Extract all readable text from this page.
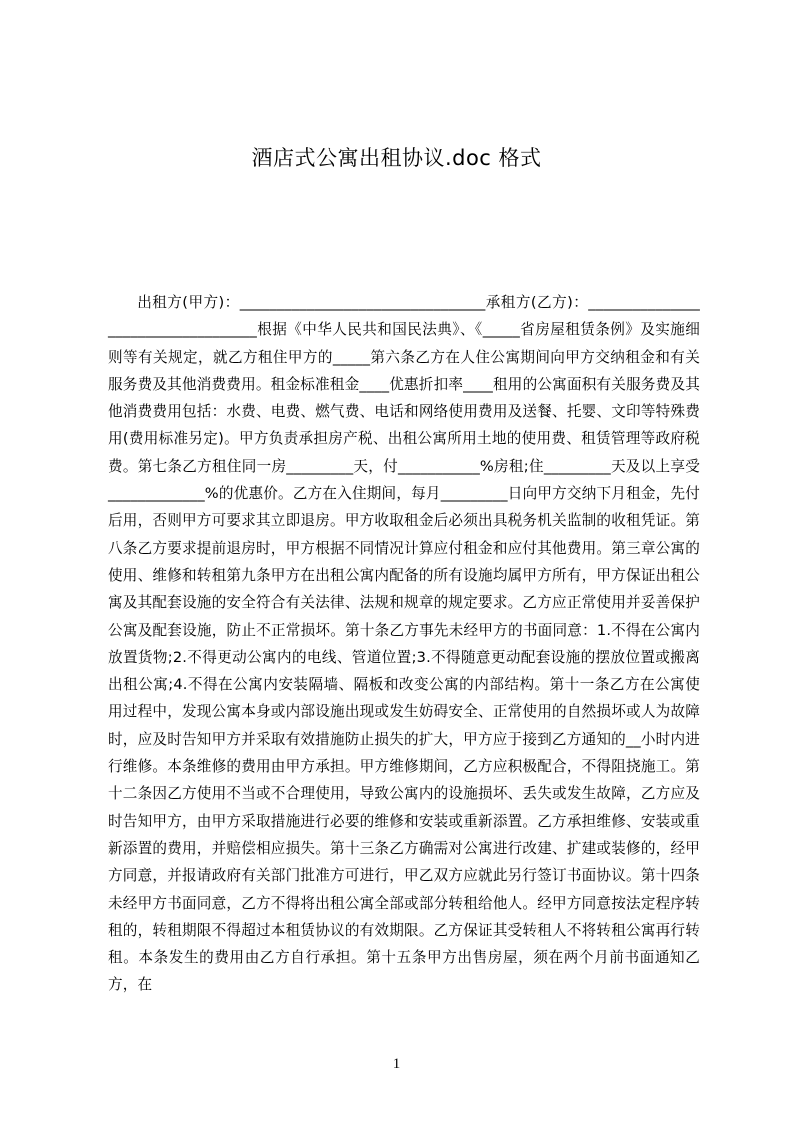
酒店式公寓出租协议.doc 格式

出租方(甲方)：_________________________________承租方(乙方)：___________________________________根据《中华人民共和国民法典》、《_____省房屋租赁条例》及实施细则等有关规定，就乙方租住甲方的_____第六条乙方在人住公寓期间向甲方交纳租金和有关服务费及其他消费费用。租金标准租金____优惠折扣率____租用的公寓面积有关服务费及其他消费费用包括：水费、电费、燃气费、电话和网络使用费用及送餐、托婴、文印等特殊费用(费用标准另定)。甲方负责承担房产税、出租公寓所用土地的使用费、租赁管理等政府税费。第七条乙方租住同一房_________天，付___________%房租;住_________天及以上享受_____________%的优惠价。乙方在入住期间，每月_________日向甲方交纳下月租金，先付后用，否则甲方可要求其立即退房。甲方收取租金后必须出具税务机关监制的收租凭证。第八条乙方要求提前退房时，甲方根据不同情况计算应付租金和应付其他费用。第三章公寓的使用、维修和转租第九条甲方在出租公寓内配备的所有设施均属甲方所有，甲方保证出租公寓及其配套设施的安全符合有关法律、法规和规章的规定要求。乙方应正常使用并妥善保护公寓及配套设施，防止不正常损坏。第十条乙方事先未经甲方的书面同意：1.不得在公寓内放置货物;2.不得更动公寓内的电线、管道位置;3.不得随意更动配套设施的摆放位置或搬离出租公寓;4.不得在公寓内安装隔墙、隔板和改变公寓的内部结构。第十一条乙方在公寓使用过程中，发现公寓本身或内部设施出现或发生妨碍安全、正常使用的自然损坏或人为故障时，应及时告知甲方并采取有效措施防止损失的扩大，甲方应于接到乙方通知的__小时内进行维修。本条维修的费用由甲方承担。甲方维修期间，乙方应积极配合，不得阻挠施工。第十二条因乙方使用不当或不合理使用，导致公寓内的设施损坏、丢失或发生故障，乙方应及时告知甲方，由甲方采取措施进行必要的维修和安装或重新添置。乙方承担维修、安装或重新添置的费用，并赔偿相应损失。第十三条乙方确需对公寓进行改建、扩建或装修的，经甲方同意，并报请政府有关部门批准方可进行，甲乙双方应就此另行签订书面协议。第十四条未经甲方书面同意，乙方不得将出租公寓全部或部分转租给他人。经甲方同意按法定程序转租的，转租期限不得超过本租赁协议的有效期限。乙方保证其受转租人不将转租公寓再行转租。本条发生的费用由乙方自行承担。第十五条甲方出售房屋，须在两个月前书面通知乙方，在

1
